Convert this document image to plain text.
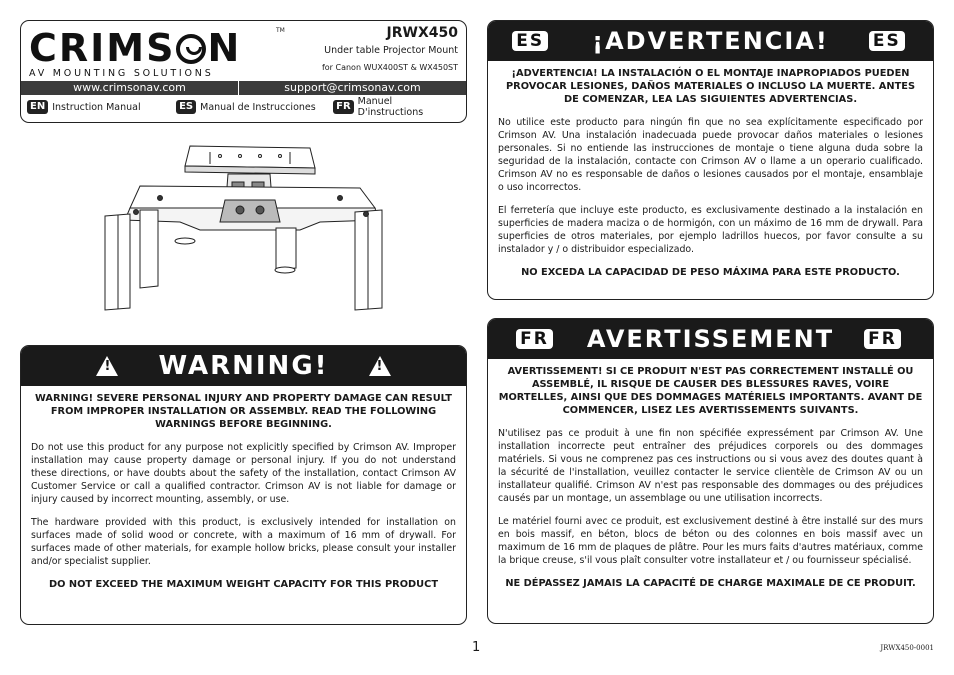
CRIMS N
AV MOUNTING SOLUTIONS
TM	JRWX450
Under table Projector Mount
for Canon WUX400ST & WX450ST
www.crimsonav.com	support@crimsonav.com
EN Instruction Manual	ES Manual de Instrucciones	FR Manuel D'instructions
! WARNING!	!

WARNING! SEVERE PERSONAL INJURY AND PROPERTY DAMAGE CAN RESULT FROM IMPROPER INSTALLATION OR ASSEMBLY. READ THE FOLLOWING WARNINGS BEFORE BEGINNING.

Do not use this product for any purpose not explicitly specified by Crimson AV. Improper installation may cause property damage or personal injury. If you do not understand these directions, or have doubts about the safety of the installation, contact Crimson AV Customer Service or call a qualified contractor. Crimson AV is not liable for damage or injury caused by incorrect mounting, assembly, or use.

The hardware provided with this product, is exclusively intended for installation on surfaces made of solid wood or concrete, with a maximum of 16 mm of drywall. For surfaces made of other materials, for example hollow bricks, please consult your installer and/or specialist supplier.

DO NOT EXCEED THE MAXIMUM WEIGHT CAPACITY FOR THIS PRODUCT

ES ¡ADVERTENCIA!	ES

¡ADVERTENCIA! LA INSTALACIÓN O EL MONTAJE INAPROPIADOS PUEDEN PROVOCAR LESIONES, DAÑOS MATERIALES O INCLUSO LA MUERTE. ANTES DE COMENZAR, LEA LAS SIGUIENTES ADVERTENCIAS.

No utilice este producto para ningún fin que no sea explícitamente especificado por Crimson AV. Una instalación inadecuada puede provocar daños materiales o lesiones personales. Si no entiende las instrucciones de montaje o tiene alguna duda sobre la seguridad de la instalación, contacte con Crimson AV o llame a un operario cualificado. Crimson AV no es responsable de daños o lesiones causados por el montaje, ensamblaje o uso incorrectos.

El ferretería que incluye este producto, es exclusivamente destinado a la instalación en superficies de madera maciza o de hormigón, con un máximo de 16 mm de drywall. Para superficies de otros materiales, por ejemplo ladrillos huecos, por favor consulte a su instalador y / o distribuidor especializado.

NO EXCEDA LA CAPACIDAD DE PESO MÁXIMA PARA ESTE PRODUCTO.

FR AVERTISSEMENT FR

AVERTISSEMENT! SI CE PRODUIT N'EST PAS CORRECTEMENT INSTALLÉ OU ASSEMBLÉ, IL RISQUE DE CAUSER DES BLESSURES RAVES, VOIRE MORTELLES, AINSI QUE DES DOMMAGES MATÉRIELS IMPORTANTS. AVANT DE COMMENCER, LISEZ LES AVERTISSEMENTS SUIVANTS.

N'utilisez pas ce produit à une fin non spécifiée expressément par Crimson AV. Une installation incorrecte peut entraîner des préjudices corporels ou des dommages matériels. Si vous ne comprenez pas ces instructions ou si vous avez des doutes quant à la sécurité de l'installation, veuillez contacter le service clientèle de Crimson AV ou un installateur qualifié. Crimson AV n'est pas responsable des dommages ou des préjudices causés par un montage, un assemblage ou une utilisation incorrects.

Le matériel fourni avec ce produit, est exclusivement destiné à être installé sur des murs en bois massif, en béton, blocs de béton ou des colonnes en bois massif avec un maximum de 16 mm de plaques de plâtre. Pour les murs faits d'autres matériaux, comme la brique creuse, s'il vous plaît consulter votre installateur et / ou fournisseur spécialisé.

NE DÉPASSEZ JAMAIS LA CAPACITÉ DE CHARGE MAXIMALE DE CE PRODUIT.

1	JRWX450-0001
